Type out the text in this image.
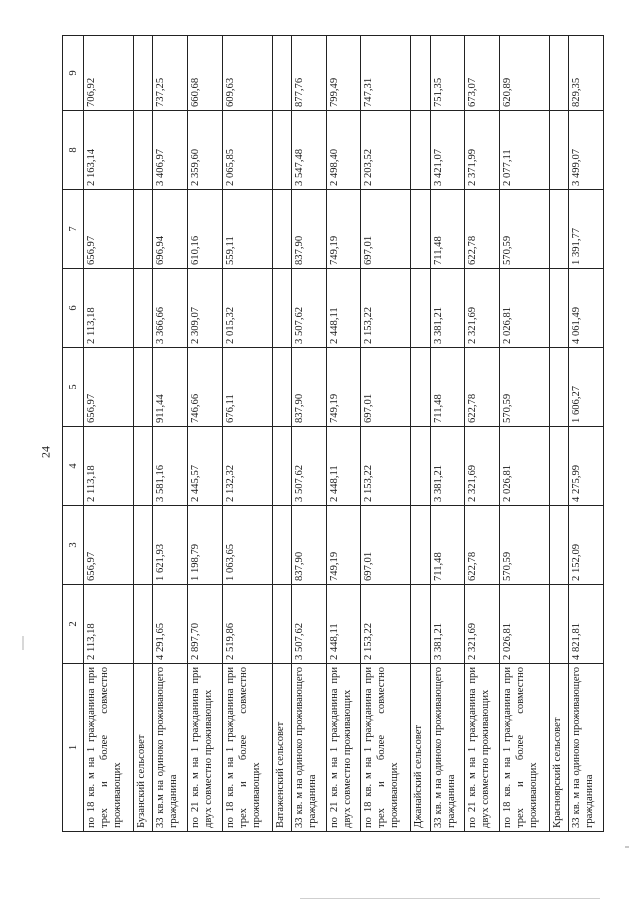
24
1	2	3	4	5	6	7	8	9
по 18 кв. м на 1 гражданина при трех и более совместно проживающих	2 113,18	656,97	2 113,18	656,97	2 113,18	656,97	2 163,14	706,92
Бузанский сельсовет								
33 кв.м на одиноко проживающего гражданина	4 291,65	1 621,93	3 581,16	911,44	3 366,66	696,94	3 406,97	737,25
по 21 кв. м на 1 гражданина при двух совместно проживающих	2 897,70	1 198,79	2 445,57	746,66	2 309,07	610,16	2 359,60	660,68
по 18 кв. м на 1 гражданина при трех и более совместно проживающих	2 519,86	1 063,65	2 132,32	676,11	2 015,32	559,11	2 065,85	609,63
Ватаженский сельсовет								
33 кв. м на одиноко проживающего гражданина	3 507,62	837,90	3 507,62	837,90	3 507,62	837,90	3 547,48	877,76
по 21 кв. м на 1 гражданина при двух совместно проживающих	2 448,11	749,19	2 448,11	749,19	2 448,11	749,19	2 498,40	799,49
по 18 кв. м на 1 гражданина при трех и более совместно проживающих	2 153,22	697,01	2 153,22	697,01	2 153,22	697,01	2 203,52	747,31
Джанайский сельсовет								
33 кв. м на одиноко проживающего гражданина	3 381,21	711,48	3 381,21	711,48	3 381,21	711,48	3 421,07	751,35
по 21 кв. м на 1 гражданина при двух совместно проживающих	2 321,69	622,78	2 321,69	622,78	2 321,69	622,78	2 371,99	673,07
по 18 кв. м на 1 гражданина при трех и более совместно проживающих	2 026,81	570,59	2 026,81	570,59	2 026,81	570,59	2 077,11	620,89
Красноярский сельсовет								
33 кв. м на одиноко проживающего гражданина	4 821,81	2 152,09	4 275,99	1 606,27	4 061,49	1 391,77	3 499,07	829,35
